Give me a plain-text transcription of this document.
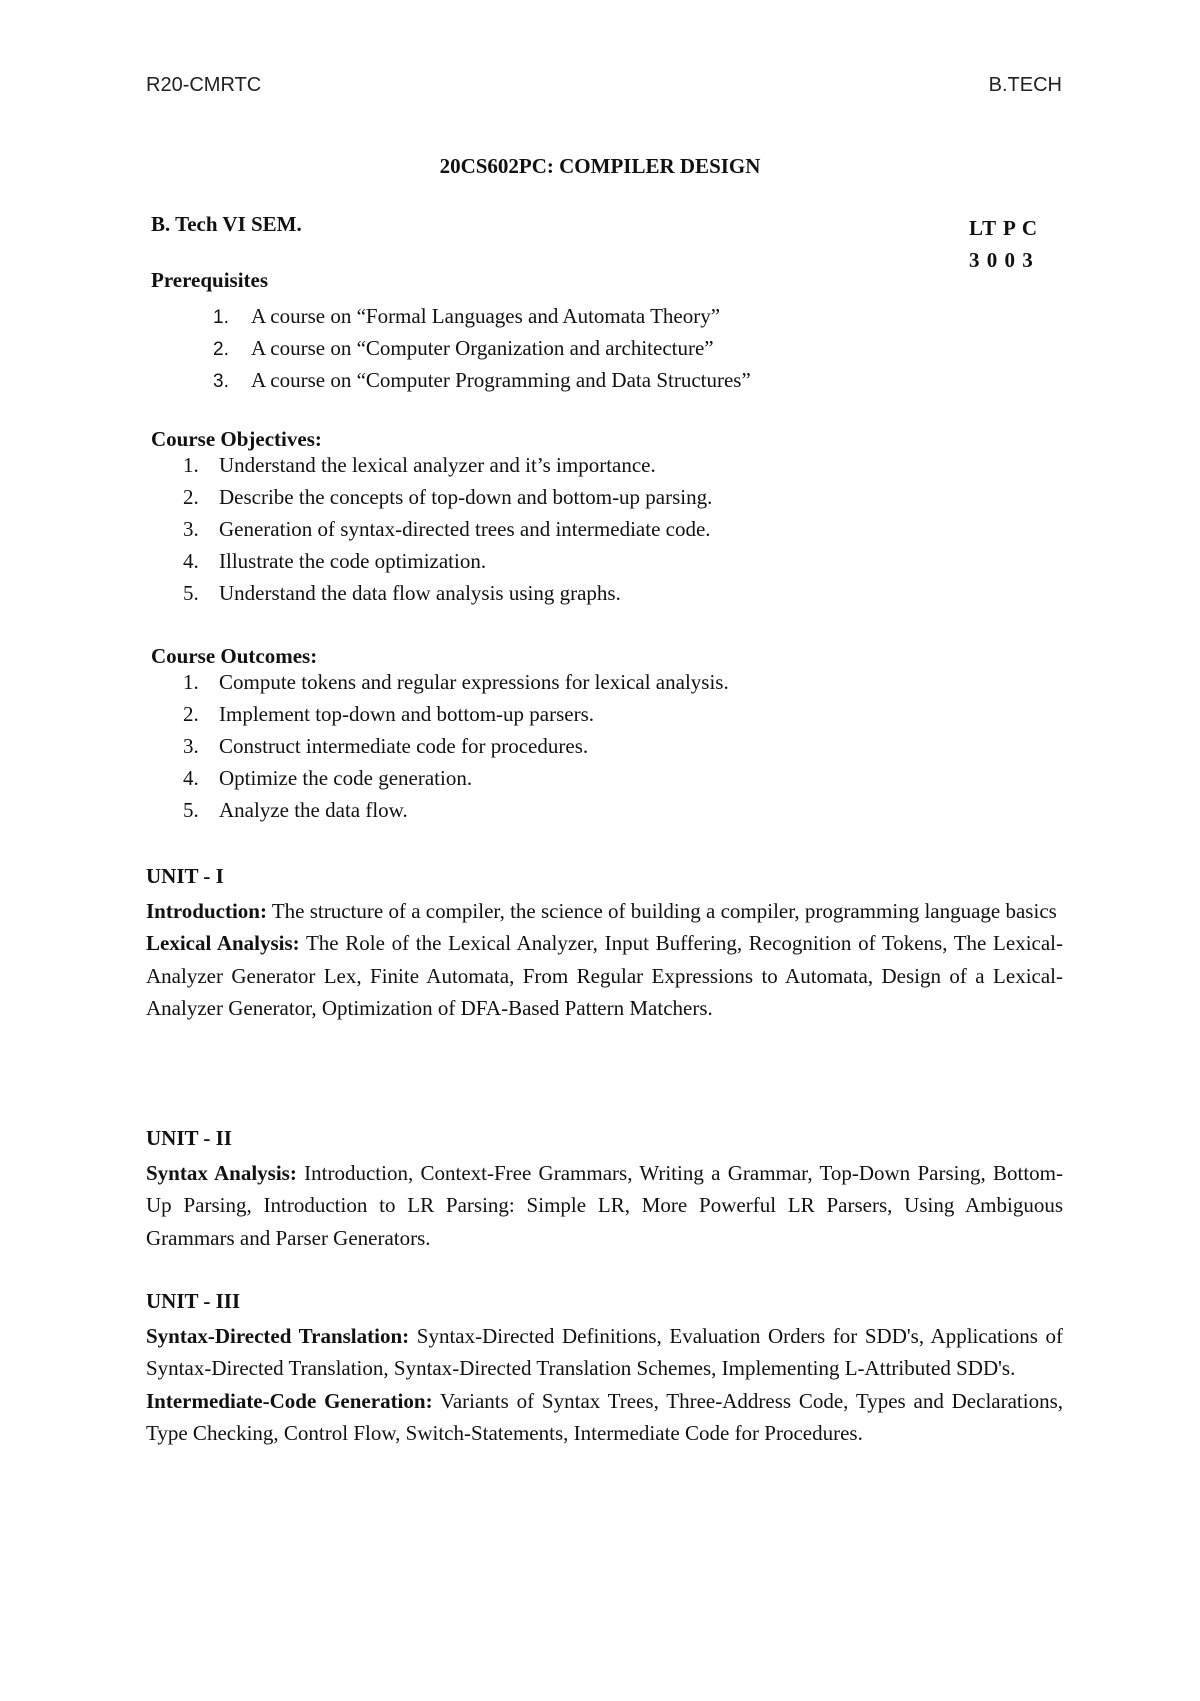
R20-CMRTC	B.TECH
20CS602PC: COMPILER DESIGN
B. Tech VI SEM.	LT P C
3 0 0 3
Prerequisites
1. A course on “Formal Languages and Automata Theory”
2. A course on “Computer Organization and architecture”
3. A course on “Computer Programming and Data Structures”
Course Objectives:
1. Understand the lexical analyzer and it’s importance.
2. Describe the concepts of top-down and bottom-up parsing.
3. Generation of syntax-directed trees and intermediate code.
4. Illustrate the code optimization.
5. Understand the data flow analysis using graphs.
Course Outcomes:
1. Compute tokens and regular expressions for lexical analysis.
2. Implement top-down and bottom-up parsers.
3. Construct intermediate code for procedures.
4. Optimize the code generation.
5. Analyze the data flow.
UNIT - I

Introduction: The structure of a compiler, the science of building a compiler, programming language basics

Lexical Analysis: The Role of the Lexical Analyzer, Input Buffering, Recognition of Tokens, The Lexical-Analyzer Generator Lex, Finite Automata, From Regular Expressions to Automata, Design of a Lexical-Analyzer Generator, Optimization of DFA-Based Pattern Matchers.

UNIT - II

Syntax Analysis: Introduction, Context-Free Grammars, Writing a Grammar, Top-Down Parsing, Bottom-Up Parsing, Introduction to LR Parsing: Simple LR, More Powerful LR Parsers, Using Ambiguous Grammars and Parser Generators.

UNIT - III

Syntax-Directed Translation: Syntax-Directed Definitions, Evaluation Orders for SDD's, Applications of Syntax-Directed Translation, Syntax-Directed Translation Schemes, Implementing L-Attributed SDD's.

Intermediate-Code Generation: Variants of Syntax Trees, Three-Address Code, Types and Declarations, Type Checking, Control Flow, Switch-Statements, Intermediate Code for Procedures.
